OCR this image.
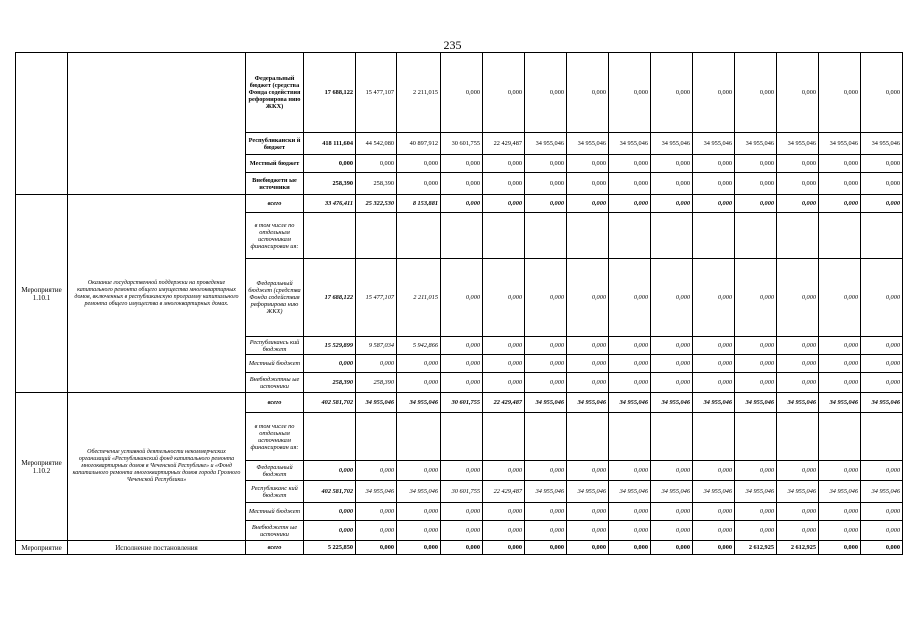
235
		Федеральный бюджет (средства Фонда содействия реформирова нию ЖКХ)	17 688,122	15 477,107	2 211,015	0,000	0,000	0,000	0,000	0,000	0,000	0,000	0,000	0,000	0,000	0,000
		Республикански й бюджет	418 111,604	44 542,080	40 897,912	30 601,755	22 429,487	34 955,046	34 955,046	34 955,046	34 955,046	34 955,046	34 955,046	34 955,046	34 955,046	34 955,046
		Местный бюджет	0,000	0,000	0,000	0,000	0,000	0,000	0,000	0,000	0,000	0,000	0,000	0,000	0,000	0,000
		Внебюджетн ые источники	258,390	258,390	0,000	0,000	0,000	0,000	0,000	0,000	0,000	0,000	0,000	0,000	0,000	0,000
Мероприятие 1.10.1	Оказание государственной поддержки на проведение капитального ремонта общего имущества многоквартирных домов, включенных в республиканскую программу капитального ремонта общего имущества в многоквартирных домах.	всего	33 476,411	25 322,530	8 153,881	0,000	0,000	0,000	0,000	0,000	0,000	0,000	0,000	0,000	0,000	0,000
		в том числе по отдельным источникам финансирован ия:														
		Федеральный бюджет (средства Фонда содействия реформирова нию ЖКХ)	17 688,122	15 477,107	2 211,015	0,000	0,000	0,000	0,000	0,000	0,000	0,000	0,000	0,000	0,000	0,000
		Республикансь кий бюджет	15 529,899	9 587,034	5 942,866	0,000	0,000	0,000	0,000	0,000	0,000	0,000	0,000	0,000	0,000	0,000
		Местный бюджет	0,000	0,000	0,000	0,000	0,000	0,000	0,000	0,000	0,000	0,000	0,000	0,000	0,000	0,000
		Внебюджетны ые источники	258,390	258,390	0,000	0,000	0,000	0,000	0,000	0,000	0,000	0,000	0,000	0,000	0,000	0,000
Мероприятие 1.10.2	Обеспечение уставной деятельности некоммерческих организаций «Республиканский фонд капитального ремонта многоквартирных домов в Чеченской Республике» и «Фонд капитального ремонта многоквартирных домов города Грозного Чеченской Республики»	всего	402 581,702	34 955,046	34 955,046	30 601,755	22 429,487	34 955,046	34 955,046	34 955,046	34 955,046	34 955,046	34 955,046	34 955,046	34 955,046	34 955,046
		в том числе по отдельным источникам финансирован ия:														
		Федеральный бюджет	0,000	0,000	0,000	0,000	0,000	0,000	0,000	0,000	0,000	0,000	0,000	0,000	0,000	0,000
		Республиканс кий бюджет	402 581,702	34 955,046	34 955,046	30 601,755	22 429,487	34 955,046	34 955,046	34 955,046	34 955,046	34 955,046	34 955,046	34 955,046	34 955,046	34 955,046
		Местный бюджет	0,000	0,000	0,000	0,000	0,000	0,000	0,000	0,000	0,000	0,000	0,000	0,000	0,000	0,000
		Внебюджетн ые источники	0,000	0,000	0,000	0,000	0,000	0,000	0,000	0,000	0,000	0,000	0,000	0,000	0,000	0,000
Мероприятие	Исполнение постановления	всего	5 225,850	0,000	0,000	0,000	0,000	0,000	0,000	0,000	0,000	0,000	2 612,925	2 612,925	0,000	0,000
